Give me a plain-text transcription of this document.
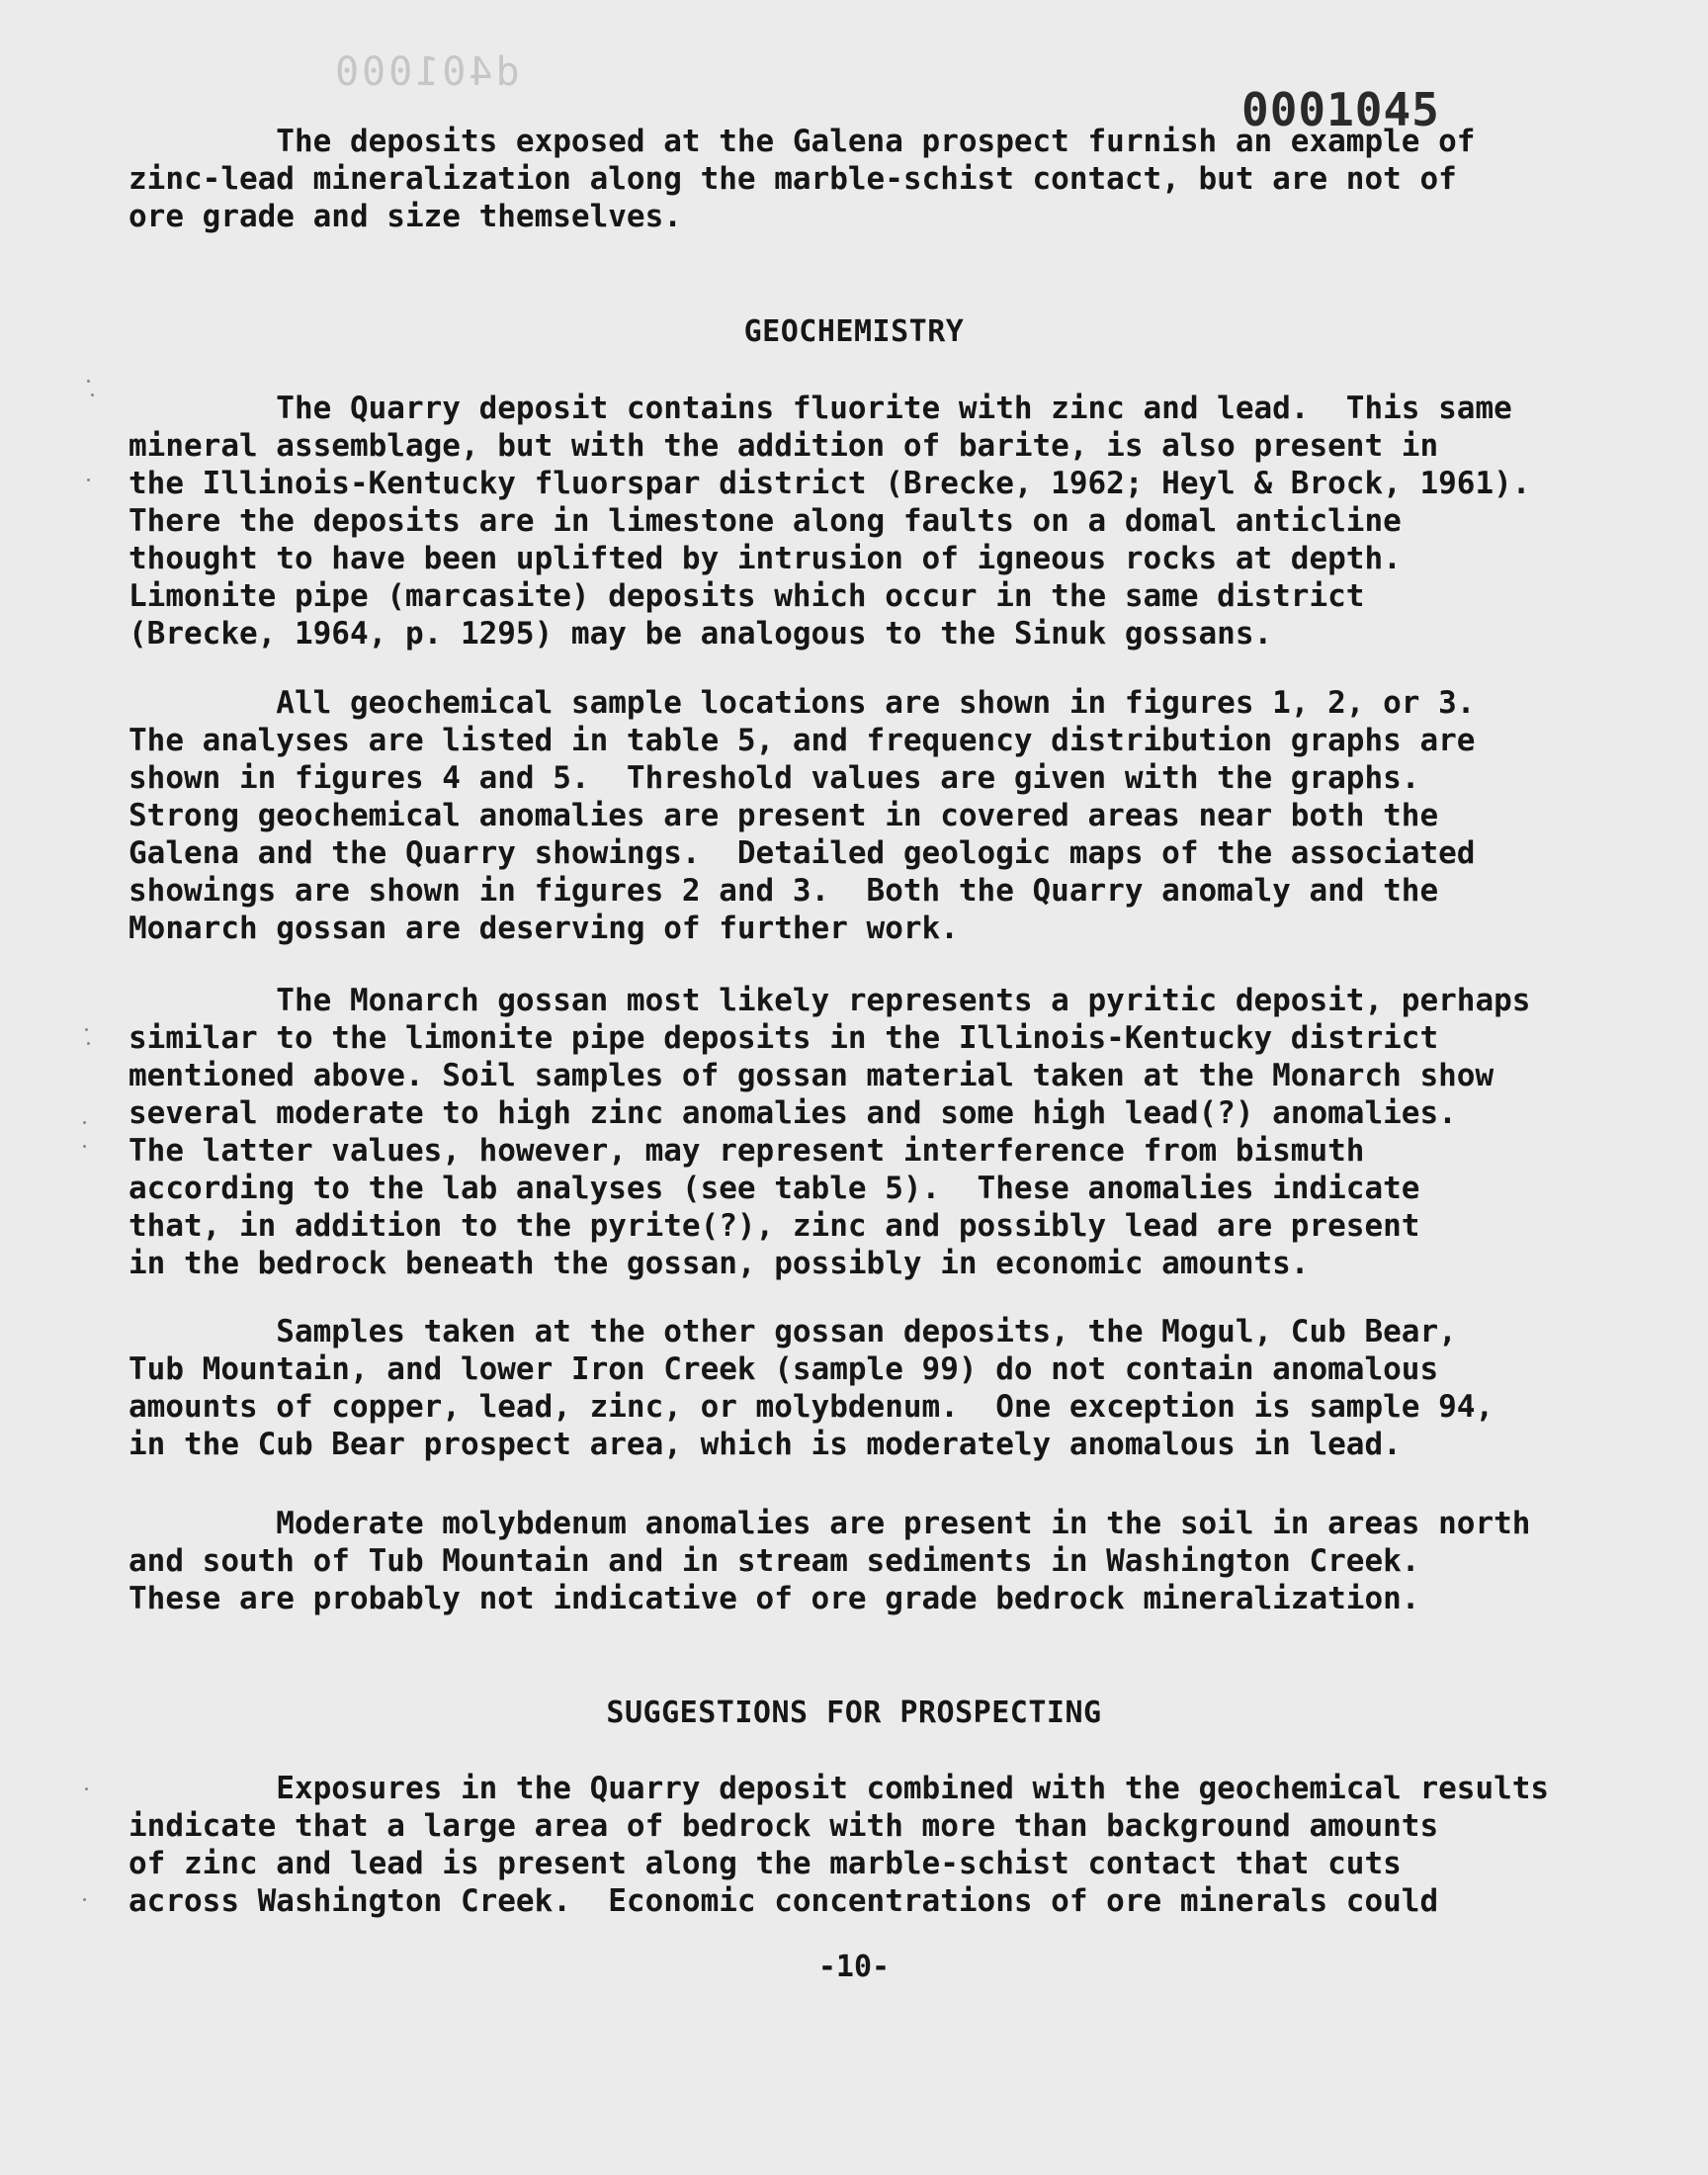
d401000
0001045
The deposits exposed at the Galena prospect furnish an example of
zinc-lead mineralization along the marble-schist contact, but are not of
ore grade and size themselves.
GEOCHEMISTRY
The Quarry deposit contains fluorite with zinc and lead.  This same
mineral assemblage, but with the addition of barite, is also present in
the Illinois-Kentucky fluorspar district (Brecke, 1962; Heyl & Brock, 1961).
There the deposits are in limestone along faults on a domal anticline
thought to have been uplifted by intrusion of igneous rocks at depth.
Limonite pipe (marcasite) deposits which occur in the same district
(Brecke, 1964, p. 1295) may be analogous to the Sinuk gossans.
All geochemical sample locations are shown in figures 1, 2, or 3.
The analyses are listed in table 5, and frequency distribution graphs are
shown in figures 4 and 5.  Threshold values are given with the graphs.
Strong geochemical anomalies are present in covered areas near both the
Galena and the Quarry showings.  Detailed geologic maps of the associated
showings are shown in figures 2 and 3.  Both the Quarry anomaly and the
Monarch gossan are deserving of further work.
The Monarch gossan most likely represents a pyritic deposit, perhaps
similar to the limonite pipe deposits in the Illinois-Kentucky district
mentioned above. Soil samples of gossan material taken at the Monarch show
several moderate to high zinc anomalies and some high lead(?) anomalies.
The latter values, however, may represent interference from bismuth
according to the lab analyses (see table 5).  These anomalies indicate
that, in addition to the pyrite(?), zinc and possibly lead are present
in the bedrock beneath the gossan, possibly in economic amounts.
Samples taken at the other gossan deposits, the Mogul, Cub Bear,
Tub Mountain, and lower Iron Creek (sample 99) do not contain anomalous
amounts of copper, lead, zinc, or molybdenum.  One exception is sample 94,
in the Cub Bear prospect area, which is moderately anomalous in lead.
Moderate molybdenum anomalies are present in the soil in areas north
and south of Tub Mountain and in stream sediments in Washington Creek.
These are probably not indicative of ore grade bedrock mineralization.
SUGGESTIONS FOR PROSPECTING
Exposures in the Quarry deposit combined with the geochemical results
indicate that a large area of bedrock with more than background amounts
of zinc and lead is present along the marble-schist contact that cuts
across Washington Creek.  Economic concentrations of ore minerals could
-10-
